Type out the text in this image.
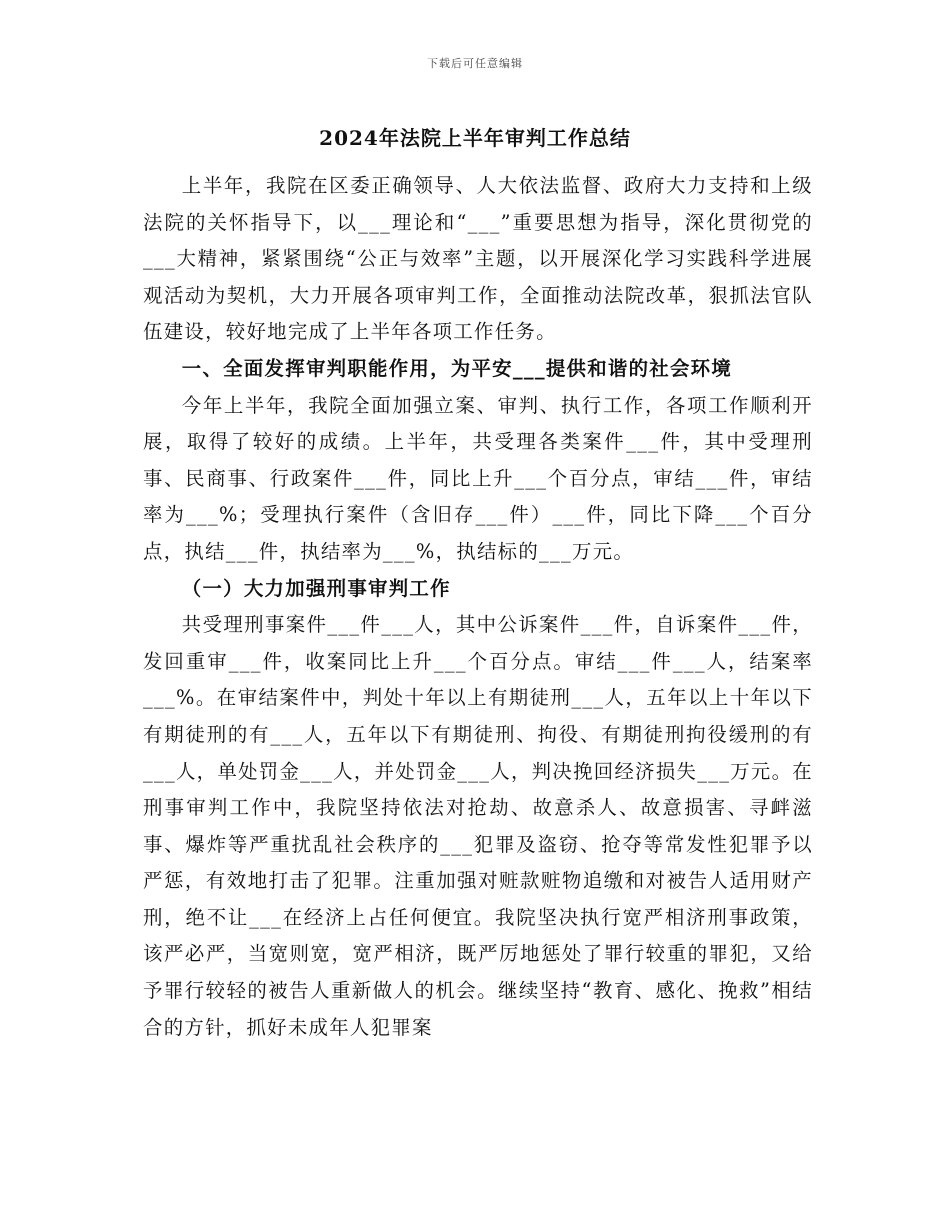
下载后可任意编辑
2024年法院上半年审判工作总结

上半年，我院在区委正确领导、人大依法监督、政府大力支持和上级法院的关怀指导下，以___理论和“___”重要思想为指导，深化贯彻党的___大精神，紧紧围绕“公正与效率”主题，以开展深化学习实践科学进展观活动为契机，大力开展各项审判工作，全面推动法院改革，狠抓法官队伍建设，较好地完成了上半年各项工作任务。

一、全面发挥审判职能作用，为平安___提供和谐的社会环境

今年上半年，我院全面加强立案、审判、执行工作，各项工作顺利开展，取得了较好的成绩。上半年，共受理各类案件___件，其中受理刑事、民商事、行政案件___件，同比上升___个百分点，审结___件，审结率为___%；受理执行案件（含旧存___件）___件，同比下降___个百分点，执结___件，执结率为___%，执结标的___万元。

（一）大力加强刑事审判工作

共受理刑事案件___件___人，其中公诉案件___件，自诉案件___件，发回重审___件，收案同比上升___个百分点。审结___件___人，结案率___%。在审结案件中，判处十年以上有期徒刑___人，五年以上十年以下有期徒刑的有___人，五年以下有期徒刑、拘役、有期徒刑拘役缓刑的有___人，单处罚金___人，并处罚金___人，判决挽回经济损失___万元。在刑事审判工作中，我院坚持依法对抢劫、故意杀人、故意损害、寻衅滋事、爆炸等严重扰乱社会秩序的___犯罪及盗窃、抢夺等常发性犯罪予以严惩，有效地打击了犯罪。注重加强对赃款赃物追缴和对被告人适用财产刑，绝不让___在经济上占任何便宜。我院坚决执行宽严相济刑事政策，该严必严，当宽则宽，宽严相济，既严厉地惩处了罪行较重的罪犯，又给予罪行较轻的被告人重新做人的机会。继续坚持“教育、感化、挽救”相结合的方针，抓好未成年人犯罪案
